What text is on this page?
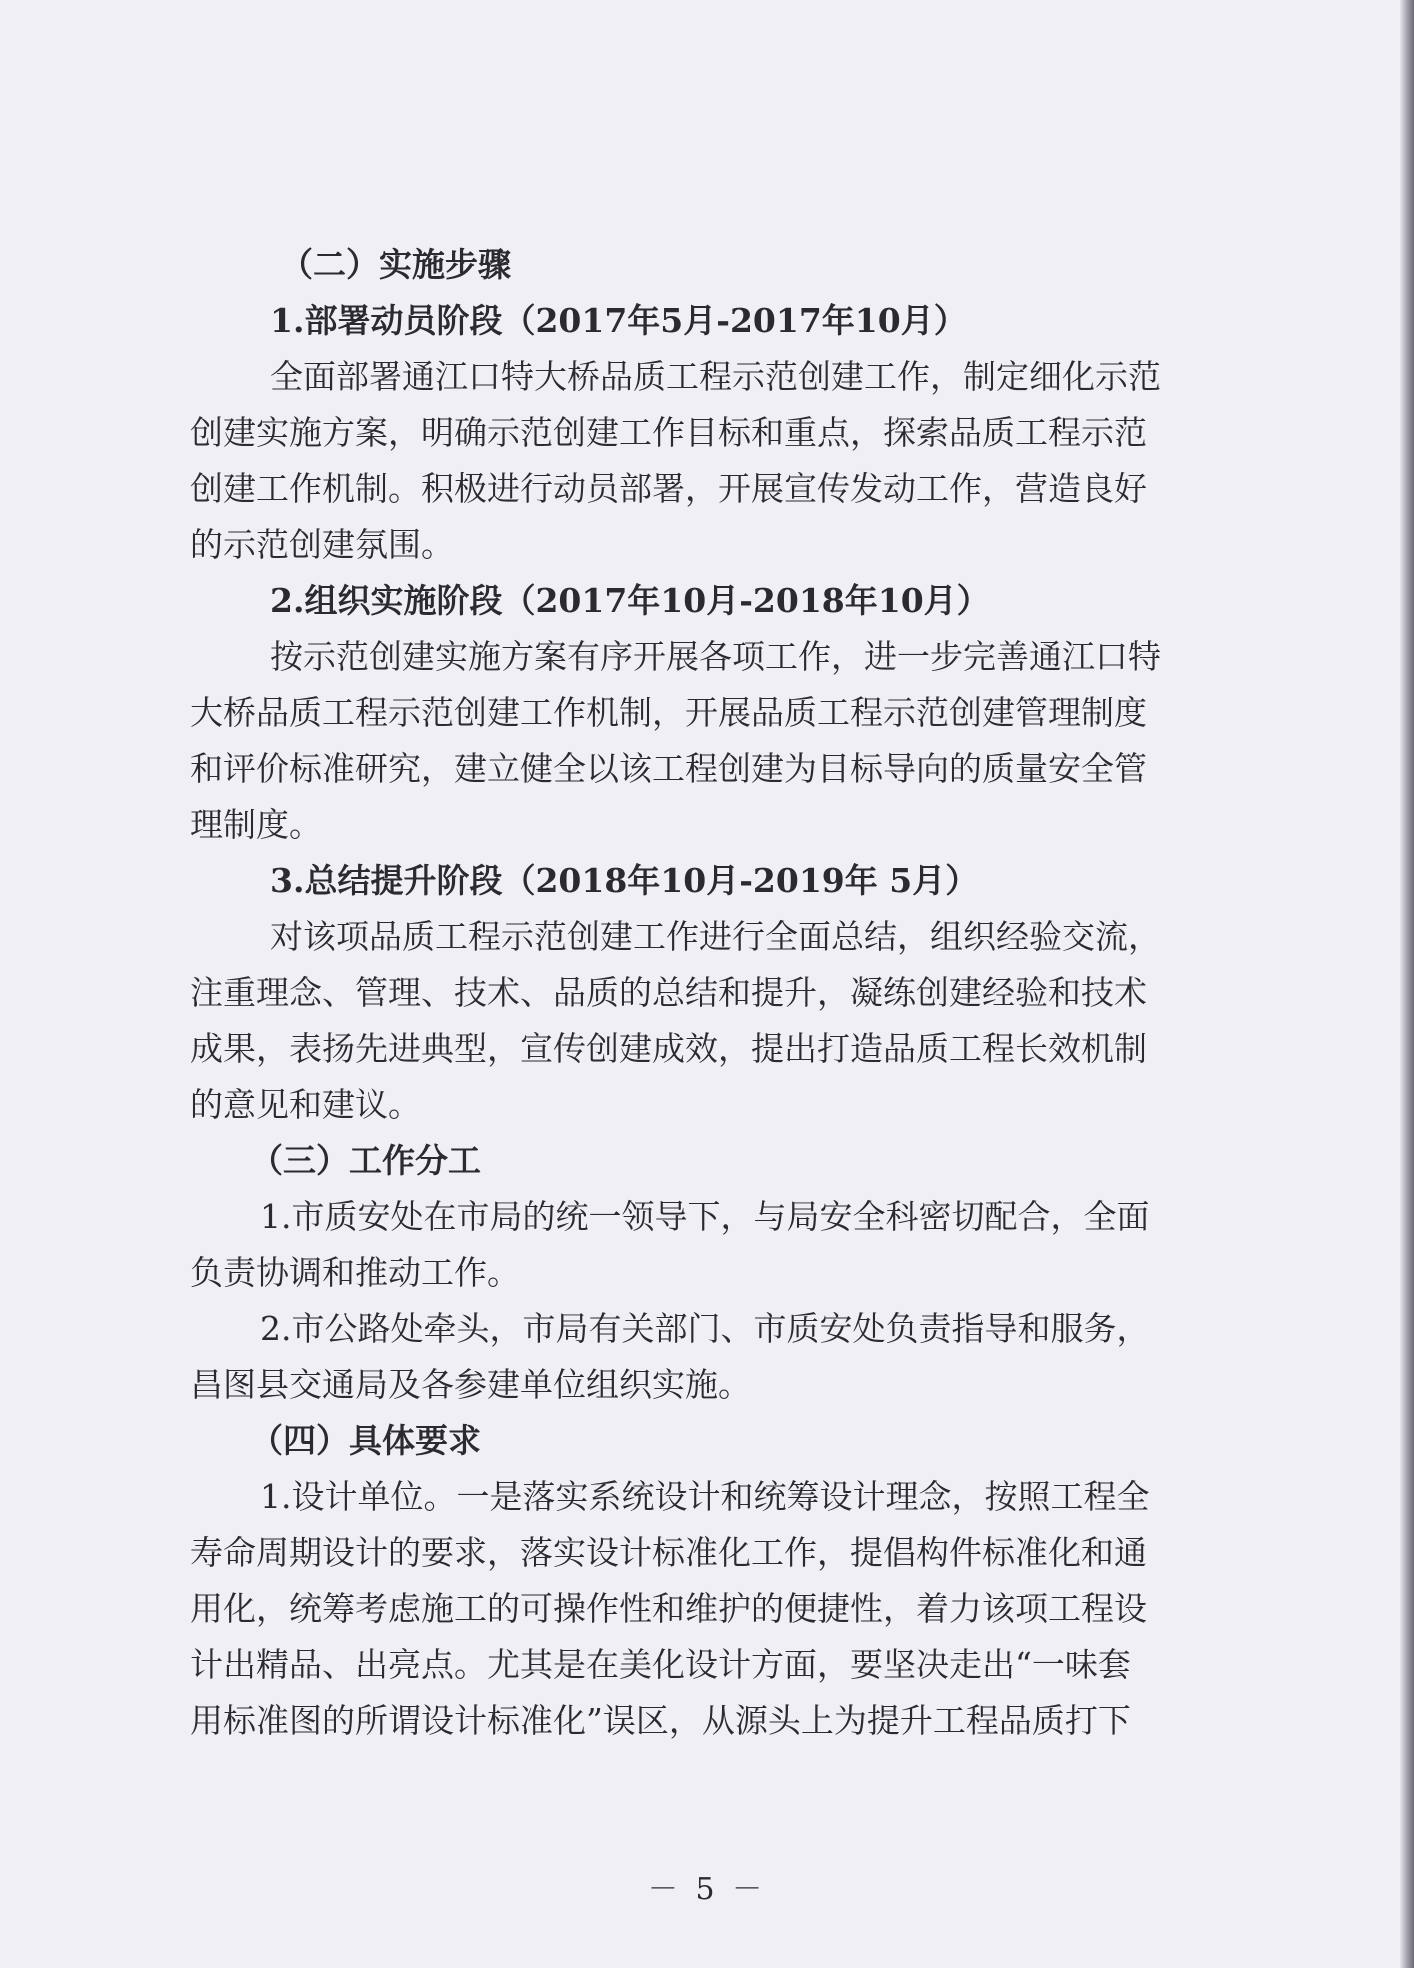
（二）实施步骤
1.部署动员阶段（2017年5月-2017年10月）
全面部署通江口特大桥品质工程示范创建工作，制定细化示范
创建实施方案，明确示范创建工作目标和重点，探索品质工程示范
创建工作机制。积极进行动员部署，开展宣传发动工作，营造良好
的示范创建氛围。
2.组织实施阶段（2017年10月-2018年10月）
按示范创建实施方案有序开展各项工作，进一步完善通江口特
大桥品质工程示范创建工作机制，开展品质工程示范创建管理制度
和评价标准研究，建立健全以该工程创建为目标导向的质量安全管
理制度。
3.总结提升阶段（2018年10月-2019年 5月）
对该项品质工程示范创建工作进行全面总结，组织经验交流，
注重理念、管理、技术、品质的总结和提升，凝练创建经验和技术
成果，表扬先进典型，宣传创建成效，提出打造品质工程长效机制
的意见和建议。
（三）工作分工
1.市质安处在市局的统一领导下，与局安全科密切配合，全面
负责协调和推动工作。
2.市公路处牵头，市局有关部门、市质安处负责指导和服务，
昌图县交通局及各参建单位组织实施。
（四）具体要求
1.设计单位。一是落实系统设计和统筹设计理念，按照工程全
寿命周期设计的要求，落实设计标准化工作，提倡构件标准化和通
用化，统筹考虑施工的可操作性和维护的便捷性，着力该项工程设
计出精品、出亮点。尤其是在美化设计方面，要坚决走出“一味套
用标准图的所谓设计标准化”误区，从源头上为提升工程品质打下
－ 5 －
